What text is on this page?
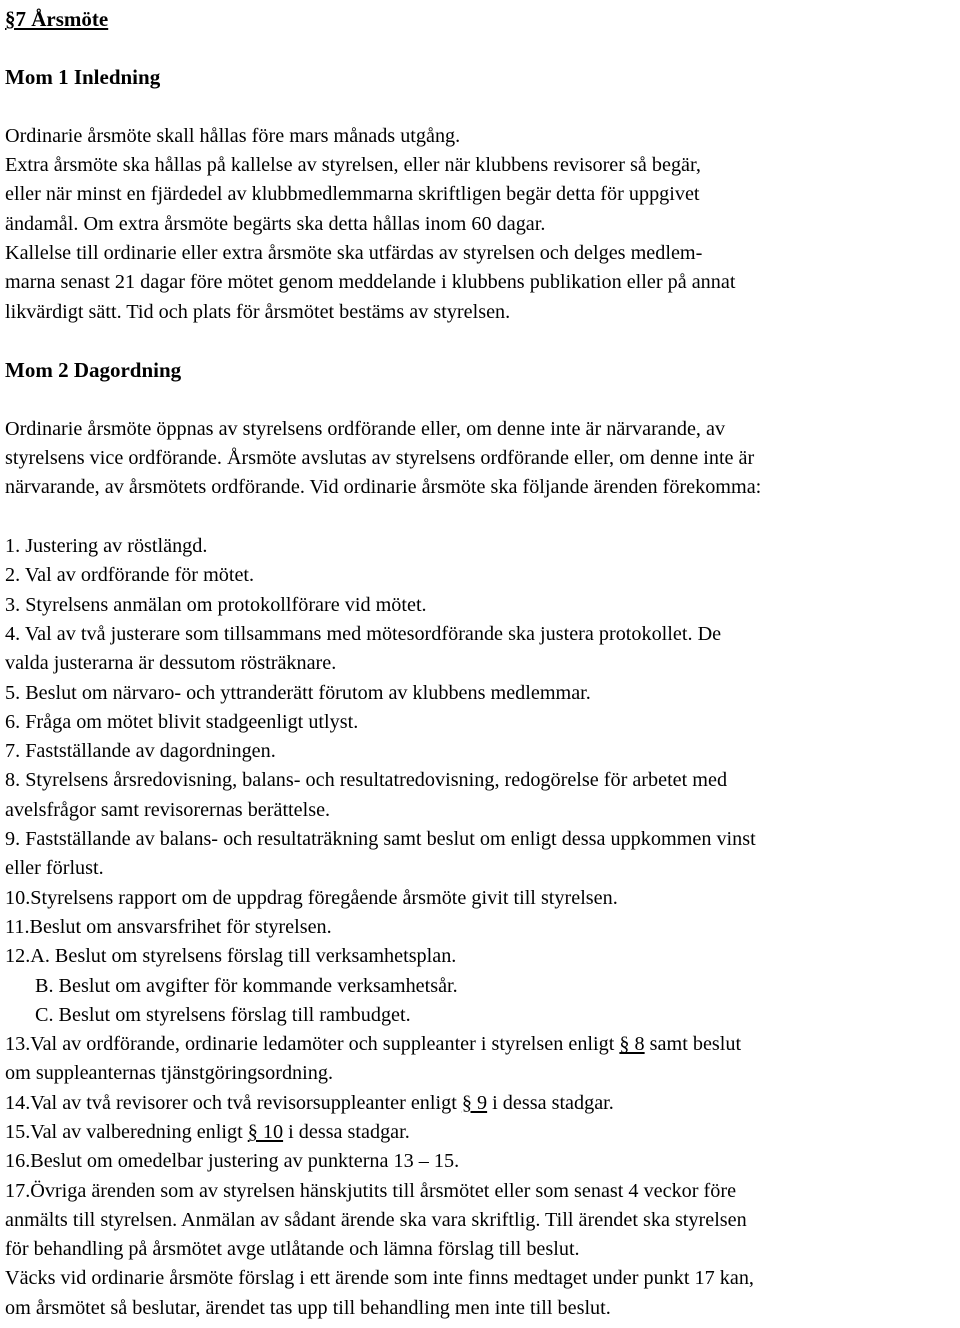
§7 Årsmöte
Mom 1 Inledning
Ordinarie årsmöte skall hållas före mars månads utgång.
Extra årsmöte ska hållas på kallelse av styrelsen, eller när klubbens revisorer så begär,
eller när minst en fjärdedel av klubbmedlemmarna skriftligen begär detta för uppgivet
ändamål. Om extra årsmöte begärts ska detta hållas inom 60 dagar.
Kallelse till ordinarie eller extra årsmöte ska utfärdas av styrelsen och delges medlem-
marna senast 21 dagar före mötet genom meddelande i klubbens publikation eller på annat
likvärdigt sätt. Tid och plats för årsmötet bestäms av styrelsen.
Mom 2 Dagordning
Ordinarie årsmöte öppnas av styrelsens ordförande eller, om denne inte är närvarande, av
styrelsens vice ordförande. Årsmöte avslutas av styrelsens ordförande eller, om denne inte är
närvarande, av årsmötets ordförande. Vid ordinarie årsmöte ska följande ärenden förekomma:
1. Justering av röstlängd.
2. Val av ordförande för mötet.
3. Styrelsens anmälan om protokollförare vid mötet.
4. Val av två justerare som tillsammans med mötesordförande ska justera protokollet. De
valda justerarna är dessutom rösträknare.
5. Beslut om närvaro- och yttranderätt förutom av klubbens medlemmar.
6. Fråga om mötet blivit stadgeenligt utlyst.
7. Fastställande av dagordningen.
8. Styrelsens årsredovisning, balans- och resultatredovisning, redogörelse för arbetet med
avelsfrågor samt revisorernas berättelse.
9. Fastställande av balans- och resultaträkning samt beslut om enligt dessa uppkommen vinst
eller förlust.
10.Styrelsens rapport om de uppdrag föregående årsmöte givit till styrelsen.
11.Beslut om ansvarsfrihet för styrelsen.
12.A. Beslut om styrelsens förslag till verksamhetsplan.
B. Beslut om avgifter för kommande verksamhetsår.
C. Beslut om styrelsens förslag till rambudget.
13.Val av ordförande, ordinarie ledamöter och suppleanter i styrelsen enligt § 8 samt beslut
om suppleanternas tjänstgöringsordning.
14.Val av två revisorer och två revisorsuppleanter enligt § 9 i dessa stadgar.
15.Val av valberedning enligt § 10 i dessa stadgar.
16.Beslut om omedelbar justering av punkterna 13 – 15.
17.Övriga ärenden som av styrelsen hänskjutits till årsmötet eller som senast 4 veckor före
anmälts till styrelsen. Anmälan av sådant ärende ska vara skriftlig. Till ärendet ska styrelsen
för behandling på årsmötet avge utlåtande och lämna förslag till beslut.
Väcks vid ordinarie årsmöte förslag i ett ärende som inte finns medtaget under punkt 17 kan,
om årsmötet så beslutar, ärendet tas upp till behandling men inte till beslut.
